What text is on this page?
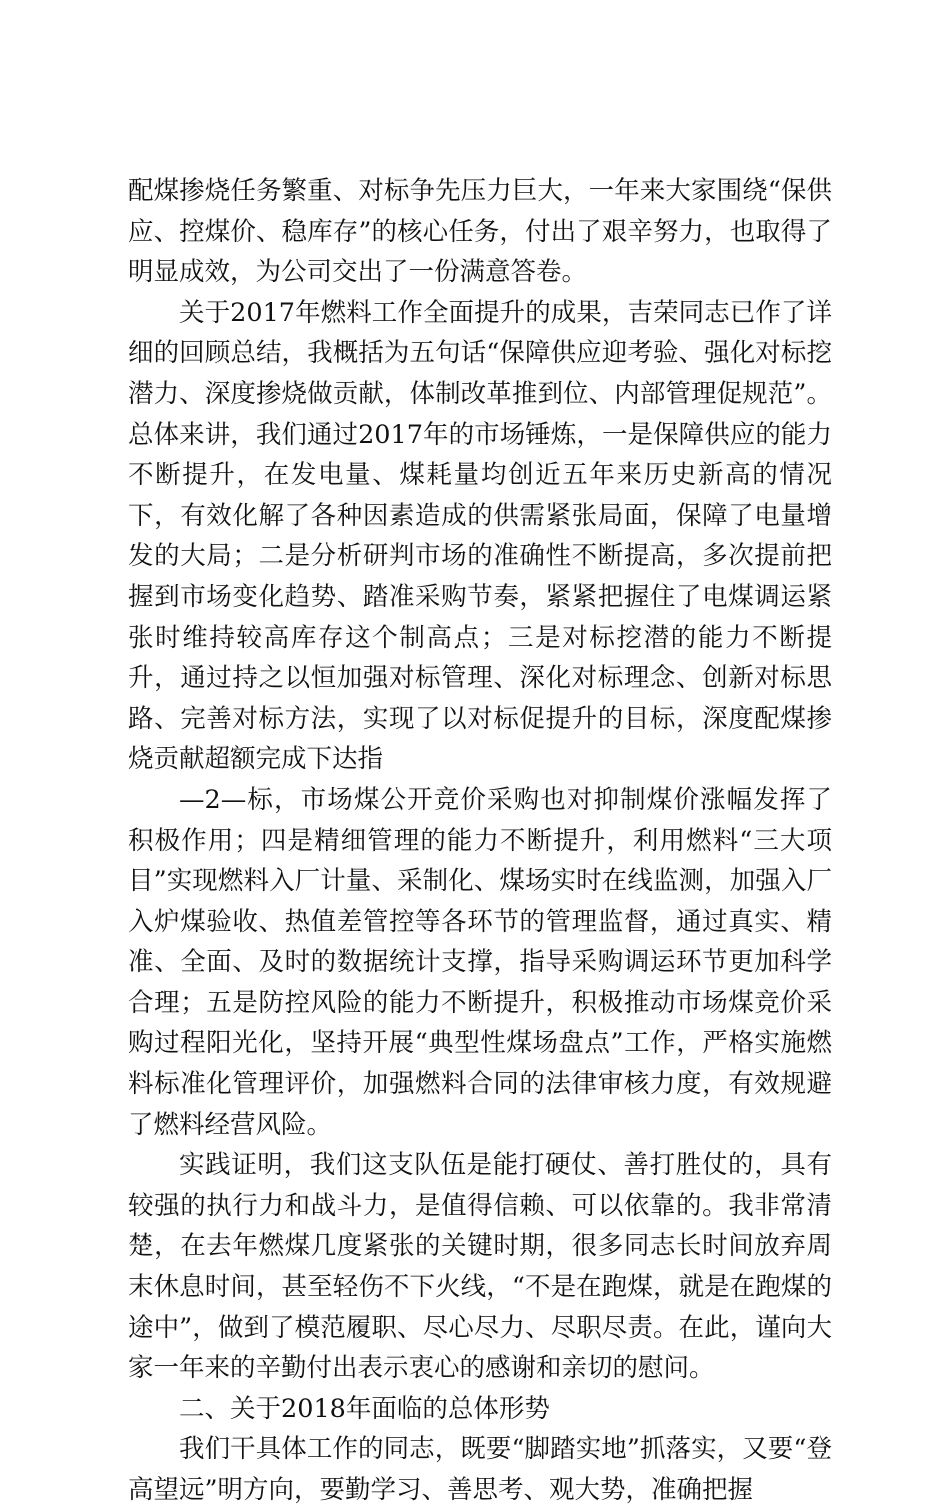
配煤掺烧任务繁重、对标争先压力巨大，一年来大家围绕“保供应、控煤价、稳库存”的核心任务，付出了艰辛努力，也取得了明显成效，为公司交出了一份满意答卷。

关于2017年燃料工作全面提升的成果，吉荣同志已作了详细的回顾总结，我概括为五句话“保障供应迎考验、强化对标挖潜力、深度掺烧做贡献，体制改革推到位、内部管理促规范”。总体来讲，我们通过2017年的市场锤炼，一是保障供应的能力不断提升，在发电量、煤耗量均创近五年来历史新高的情况下，有效化解了各种因素造成的供需紧张局面，保障了电量增发的大局；二是分析研判市场的准确性不断提高，多次提前把握到市场变化趋势、踏准采购节奏，紧紧把握住了电煤调运紧张时维持较高库存这个制高点；三是对标挖潜的能力不断提升，通过持之以恒加强对标管理、深化对标理念、创新对标思路、完善对标方法，实现了以对标促提升的目标，深度配煤掺烧贡献超额完成下达指

—2—标，市场煤公开竞价采购也对抑制煤价涨幅发挥了积极作用；四是精细管理的能力不断提升，利用燃料“三大项目”实现燃料入厂计量、采制化、煤场实时在线监测，加强入厂入炉煤验收、热值差管控等各环节的管理监督，通过真实、精准、全面、及时的数据统计支撑，指导采购调运环节更加科学合理；五是防控风险的能力不断提升，积极推动市场煤竞价采购过程阳光化，坚持开展“典型性煤场盘点”工作，严格实施燃料标准化管理评价，加强燃料合同的法律审核力度，有效规避了燃料经营风险。

实践证明，我们这支队伍是能打硬仗、善打胜仗的，具有较强的执行力和战斗力，是值得信赖、可以依靠的。我非常清楚，在去年燃煤几度紧张的关键时期，很多同志长时间放弃周末休息时间，甚至轻伤不下火线，“不是在跑煤，就是在跑煤的途中”，做到了模范履职、尽心尽力、尽职尽责。在此，谨向大家一年来的辛勤付出表示衷心的感谢和亲切的慰问。

二、关于2018年面临的总体形势

我们干具体工作的同志，既要“脚踏实地”抓落实，又要“登高望远”明方向，要勤学习、善思考、观大势，准确把握
